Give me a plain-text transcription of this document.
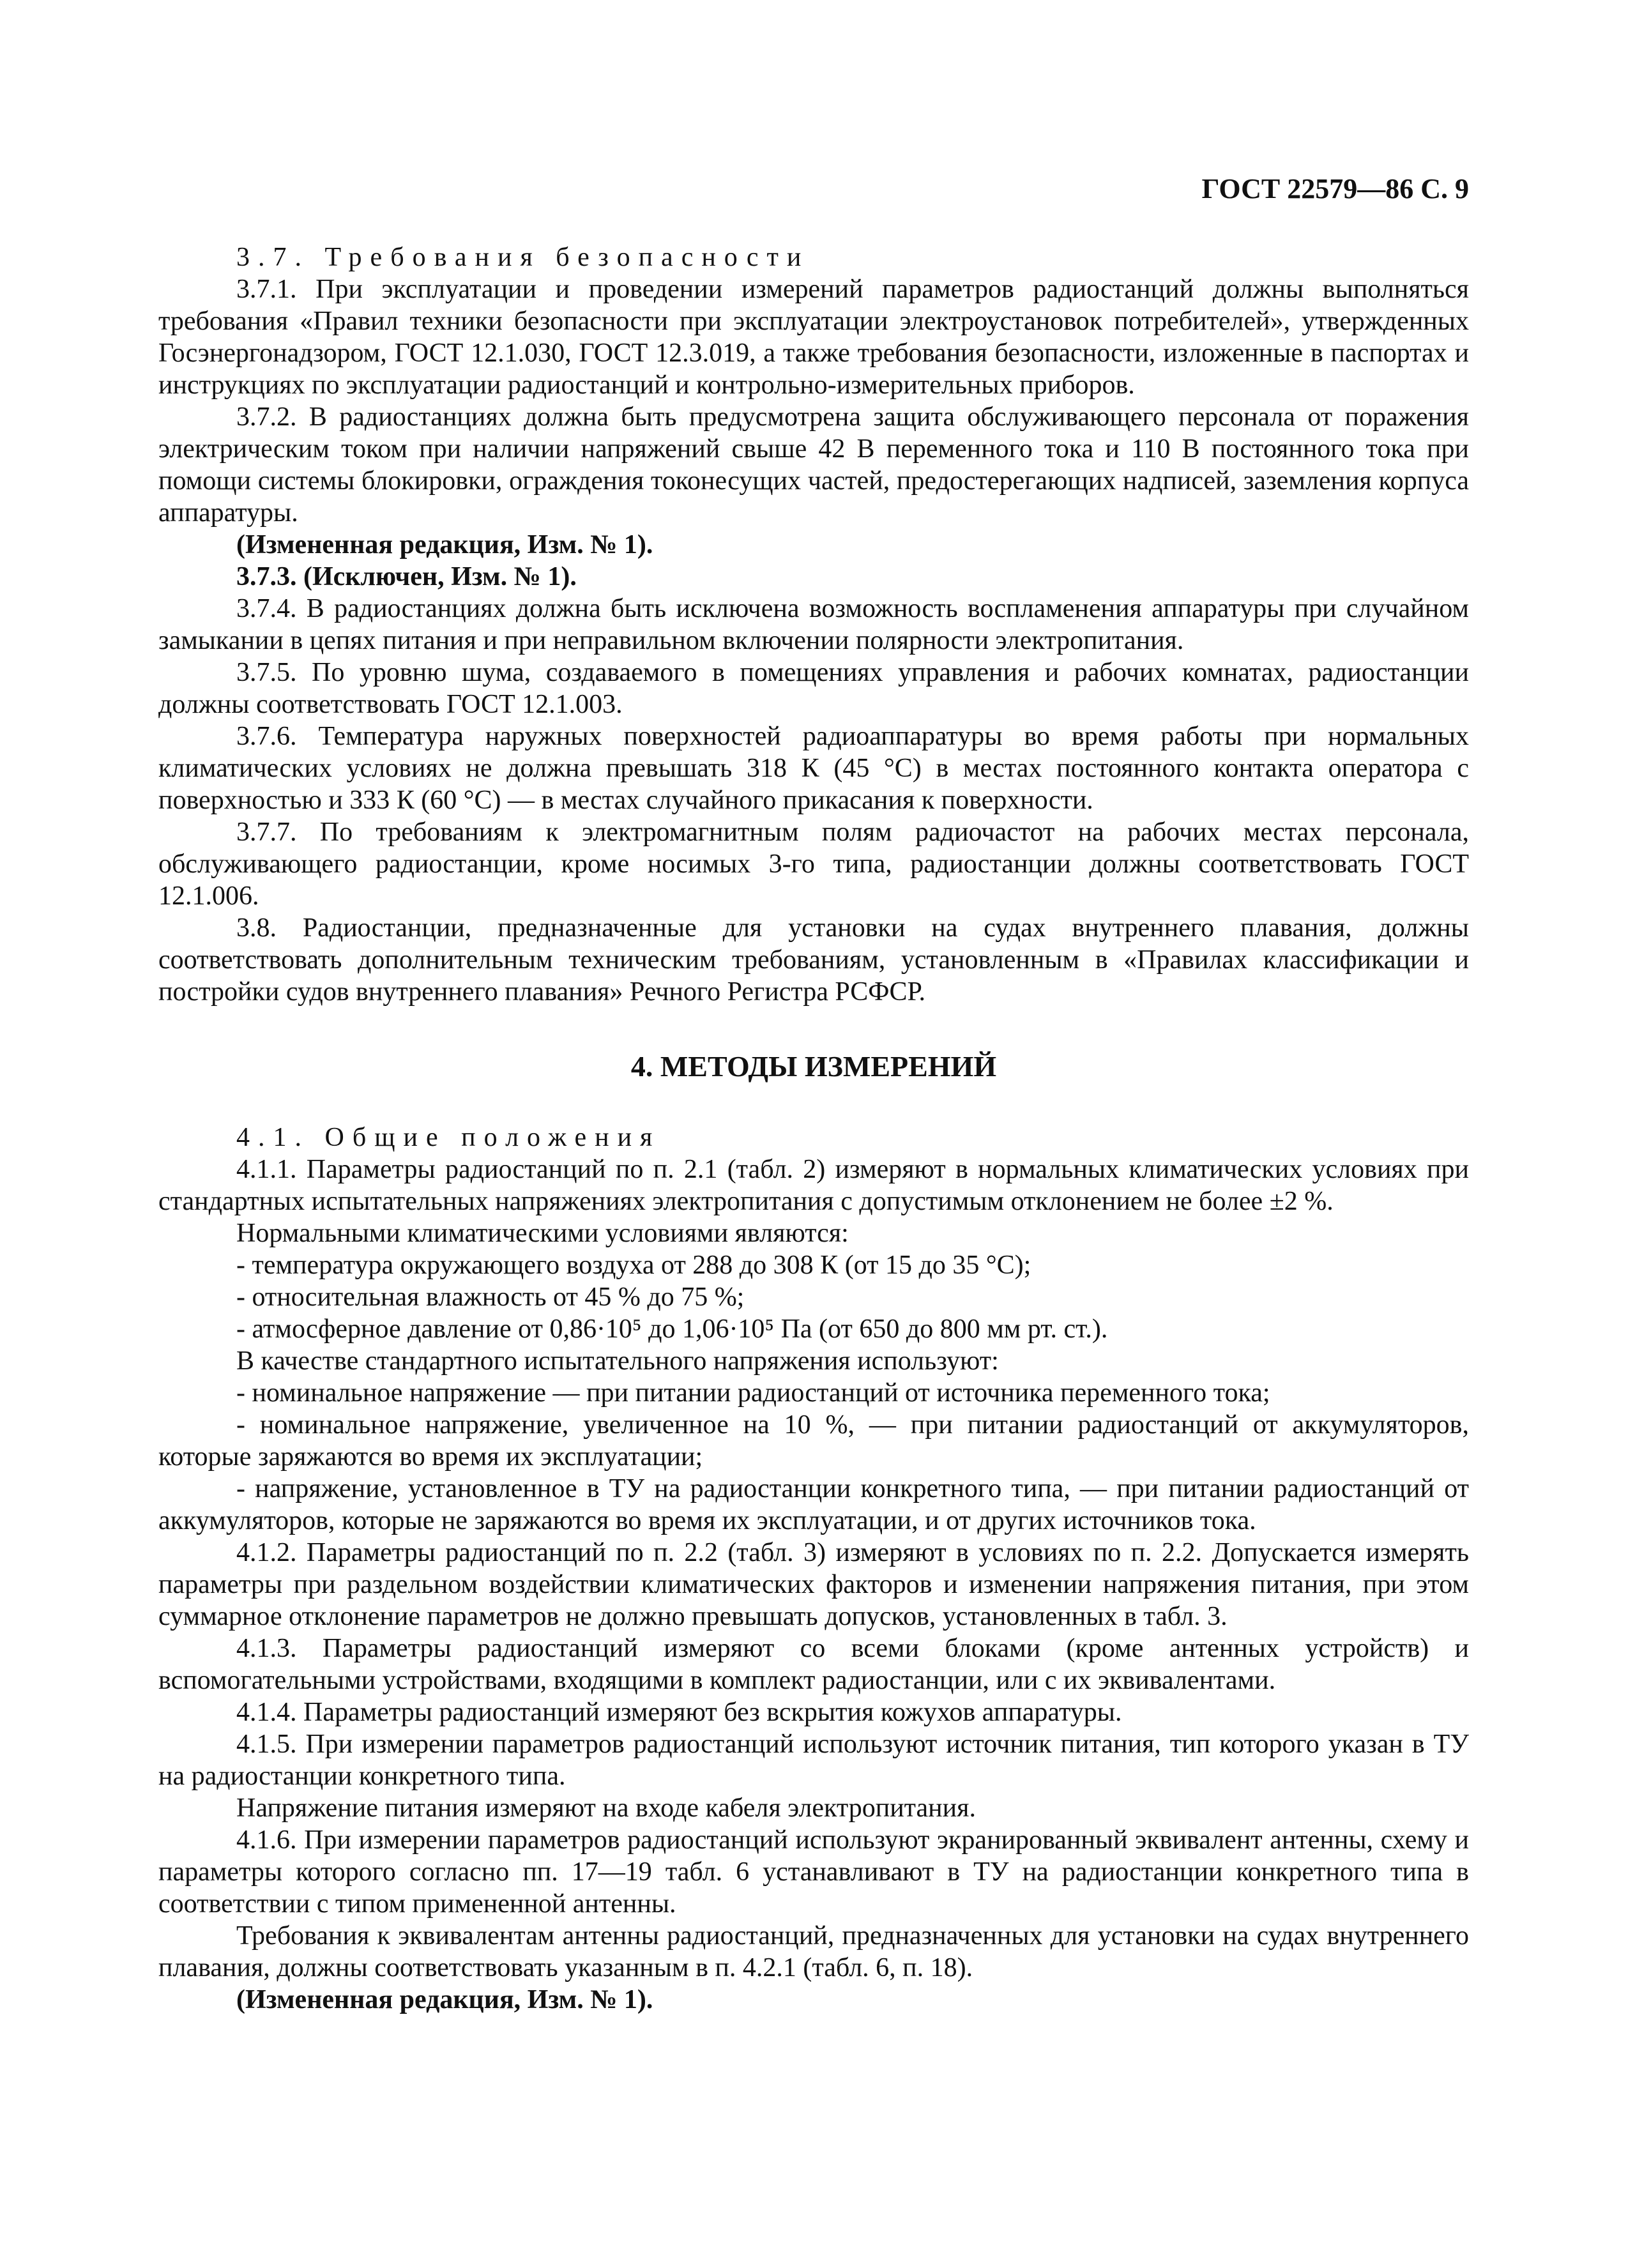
ГОСТ 22579—86 С. 9

3.7. Требования безопасности

3.7.1. При эксплуатации и проведении измерений параметров радиостанций должны выполняться требования «Правил техники безопасности при эксплуатации электроустановок потребителей», утвержденных Госэнергонадзором, ГОСТ 12.1.030, ГОСТ 12.3.019, а также требования безопасности, изложенные в паспортах и инструкциях по эксплуатации радиостанций и контрольно-измерительных приборов.

3.7.2. В радиостанциях должна быть предусмотрена защита обслуживающего персонала от поражения электрическим током при наличии напряжений свыше 42 В переменного тока и 110 В постоянного тока при помощи системы блокировки, ограждения токонесущих частей, предостерегающих надписей, заземления корпуса аппаратуры.

(Измененная редакция, Изм. № 1).

3.7.3. (Исключен, Изм. № 1).

3.7.4. В радиостанциях должна быть исключена возможность воспламенения аппаратуры при случайном замыкании в цепях питания и при неправильном включении полярности электропитания.

3.7.5. По уровню шума, создаваемого в помещениях управления и рабочих комнатах, радиостанции должны соответствовать ГОСТ 12.1.003.

3.7.6. Температура наружных поверхностей радиоаппаратуры во время работы при нормальных климатических условиях не должна превышать 318 К (45 °С) в местах постоянного контакта оператора с поверхностью и 333 К (60 °С) — в местах случайного прикасания к поверхности.

3.7.7. По требованиям к электромагнитным полям радиочастот на рабочих местах персонала, обслуживающего радиостанции, кроме носимых 3-го типа, радиостанции должны соответствовать ГОСТ 12.1.006.

3.8. Радиостанции, предназначенные для установки на судах внутреннего плавания, должны соответствовать дополнительным техническим требованиям, установленным в «Правилах классификации и постройки судов внутреннего плавания» Речного Регистра РСФСР.

4. МЕТОДЫ ИЗМЕРЕНИЙ

4.1. Общие положения

4.1.1. Параметры радиостанций по п. 2.1 (табл. 2) измеряют в нормальных климатических условиях при стандартных испытательных напряжениях электропитания с допустимым отклонением не более ±2 %.

Нормальными климатическими условиями являются:

- температура окружающего воздуха от 288 до 308 К (от 15 до 35 °С);

- относительная влажность от 45 % до 75 %;

- атмосферное давление от 0,86·10⁵ до 1,06·10⁵ Па (от 650 до 800 мм рт. ст.).

В качестве стандартного испытательного напряжения используют:

- номинальное напряжение — при питании радиостанций от источника переменного тока;

- номинальное напряжение, увеличенное на 10 %, — при питании радиостанций от аккумуляторов, которые заряжаются во время их эксплуатации;

- напряжение, установленное в ТУ на радиостанции конкретного типа, — при питании радиостанций от аккумуляторов, которые не заряжаются во время их эксплуатации, и от других источников тока.

4.1.2. Параметры радиостанций по п. 2.2 (табл. 3) измеряют в условиях по п. 2.2. Допускается измерять параметры при раздельном воздействии климатических факторов и изменении напряжения питания, при этом суммарное отклонение параметров не должно превышать допусков, установленных в табл. 3.

4.1.3. Параметры радиостанций измеряют со всеми блоками (кроме антенных устройств) и вспомогательными устройствами, входящими в комплект радиостанции, или с их эквивалентами.

4.1.4. Параметры радиостанций измеряют без вскрытия кожухов аппаратуры.

4.1.5. При измерении параметров радиостанций используют источник питания, тип которого указан в ТУ на радиостанции конкретного типа.

Напряжение питания измеряют на входе кабеля электропитания.

4.1.6. При измерении параметров радиостанций используют экранированный эквивалент антенны, схему и параметры которого согласно пп. 17—19 табл. 6 устанавливают в ТУ на радиостанции конкретного типа в соответствии с типом примененной антенны.

Требования к эквивалентам антенны радиостанций, предназначенных для установки на судах внутреннего плавания, должны соответствовать указанным в п. 4.2.1 (табл. 6, п. 18).

(Измененная редакция, Изм. № 1).
